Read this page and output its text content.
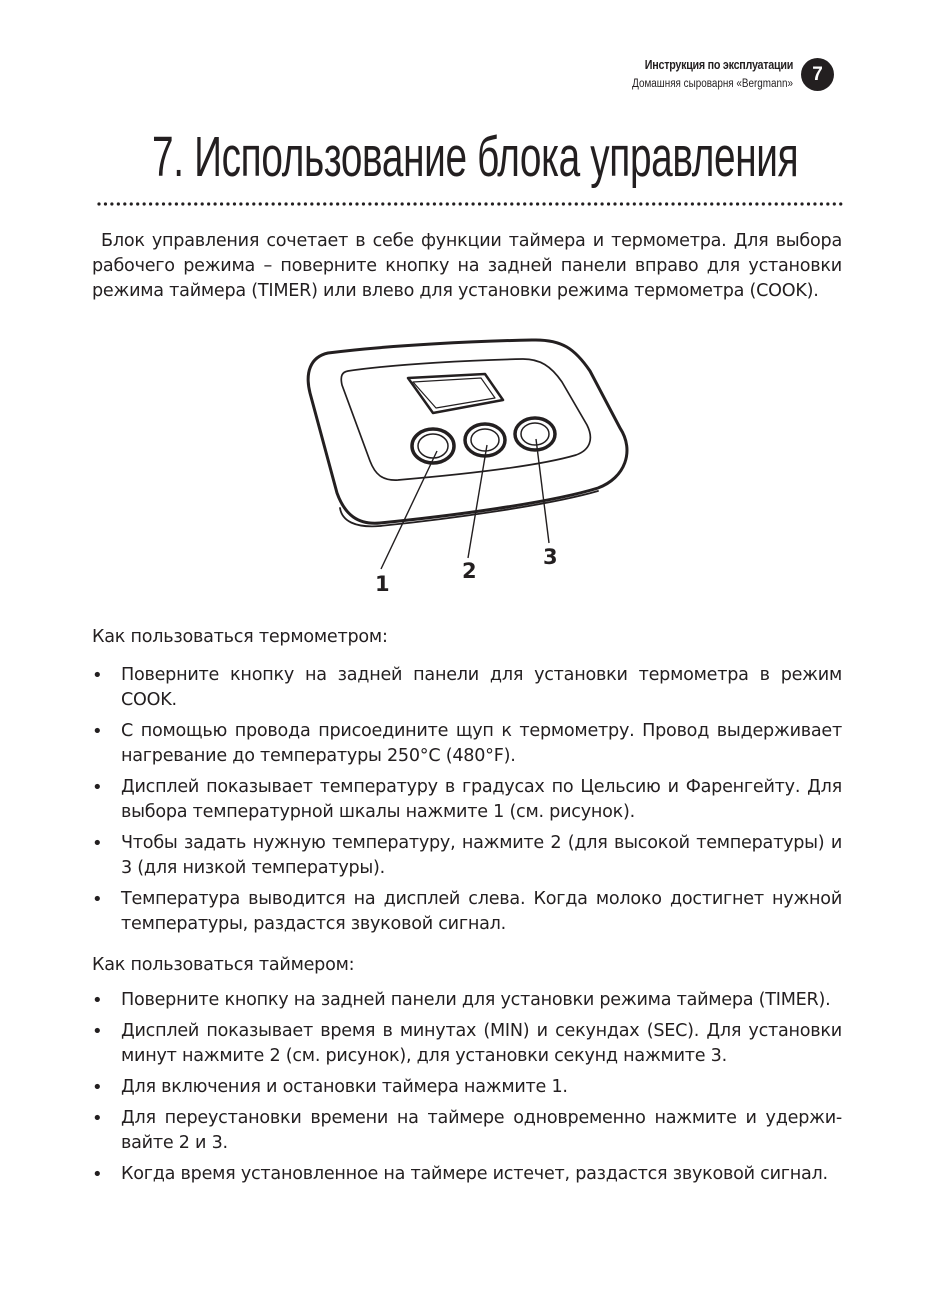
Инструкция по эксплуатации
Домашняя сыроварня «Bergmann»	7
7. Использование блока управления

Блок управления сочетает в себе функции таймера и термометра. Для выбора рабочего режима – поверните кнопку на задней панели вправо для установки режима таймера (TIMER) или влево для установки режима термометра (COOK).

1
2
3

Как пользоваться термометром:

• Поверните кнопку на задней панели для установки термометра в режим COOK.
• С помощью провода присоедините щуп к термометру. Провод выдерживает нагревание до температуры 250°C (480°F).
• Дисплей показывает температуру в градусах по Цельсию и Фаренгейту. Для выбора температурной шкалы нажмите 1 (см. рисунок).
• Чтобы задать нужную температуру, нажмите 2 (для высокой температуры) и 3 (для низкой температуры).
• Температура выводится на дисплей слева. Когда молоко достигнет нужной температуры, раздастся звуковой сигнал.

Как пользоваться таймером:

• Поверните кнопку на задней панели для установки режима таймера (TIMER).
• Дисплей показывает время в минутах (MIN) и секундах (SEC). Для установки минут нажмите 2 (см. рисунок), для установки секунд нажмите 3.
• Для включения и остановки таймера нажмите 1.
• Для переустановки времени на таймере одновременно нажмите и удержи-вайте 2 и 3.
• Когда время установленное на таймере истечет, раздастся звуковой сигнал.
